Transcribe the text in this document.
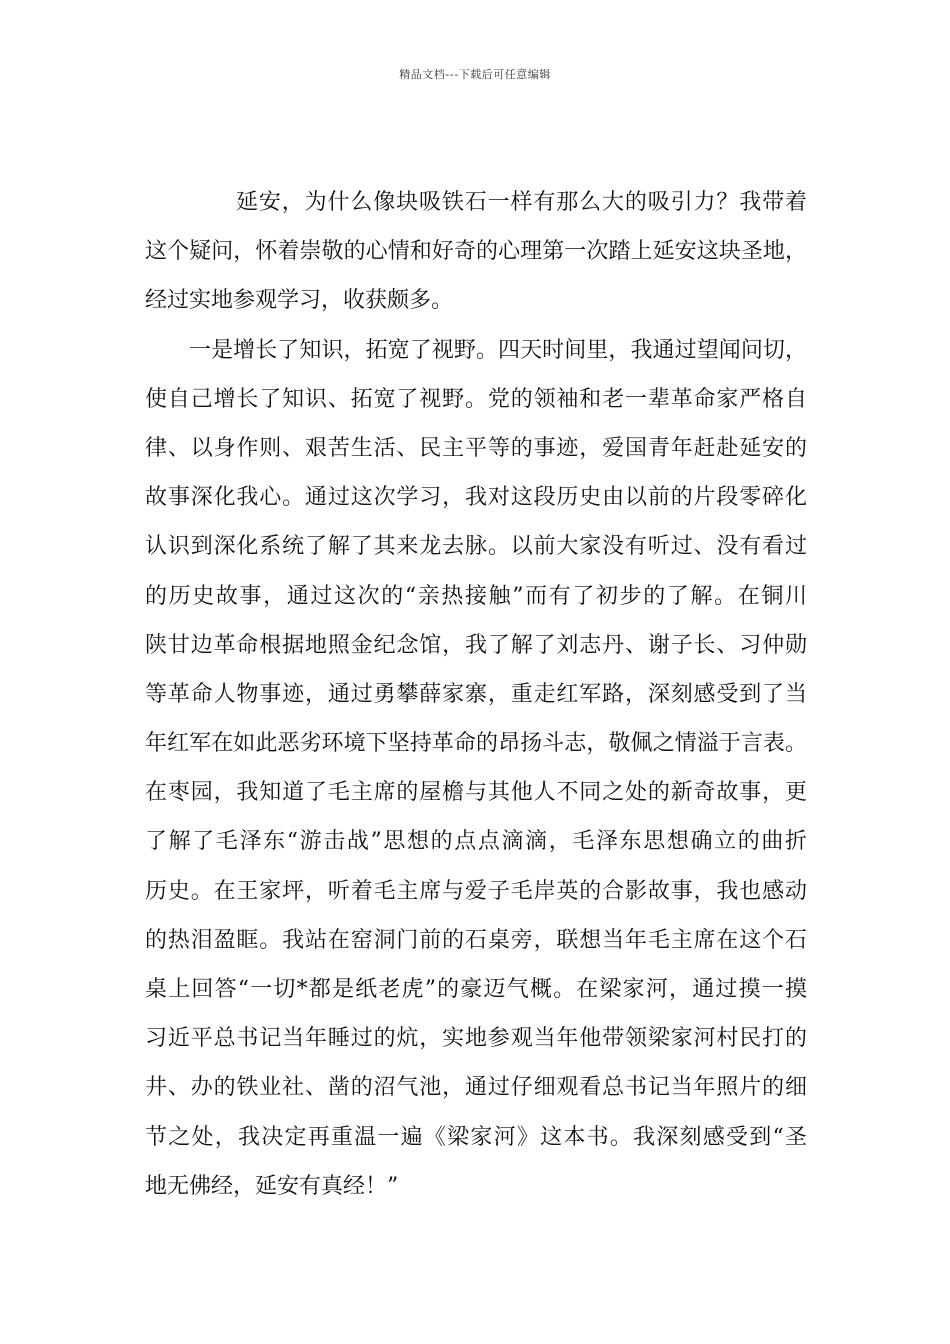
精品文档---下载后可任意编辑
延安，为什么像块吸铁石一样有那么大的吸引力？我带着
这个疑问，怀着崇敬的心情和好奇的心理第一次踏上延安这块圣地，
经过实地参观学习，收获颇多。
一是增长了知识，拓宽了视野。四天时间里，我通过望闻问切，
使自己增长了知识、拓宽了视野。党的领袖和老一辈革命家严格自
律、以身作则、艰苦生活、民主平等的事迹，爱国青年赶赴延安的
故事深化我心。通过这次学习，我对这段历史由以前的片段零碎化
认识到深化系统了解了其来龙去脉。以前大家没有听过、没有看过
的历史故事，通过这次的“亲热接触”而有了初步的了解。在铜川
陕甘边革命根据地照金纪念馆，我了解了刘志丹、谢子长、习仲勋
等革命人物事迹，通过勇攀薛家寨，重走红军路，深刻感受到了当
年红军在如此恶劣环境下坚持革命的昂扬斗志，敬佩之情溢于言表。
在枣园，我知道了毛主席的屋檐与其他人不同之处的新奇故事，更
了解了毛泽东“游击战”思想的点点滴滴，毛泽东思想确立的曲折
历史。在王家坪，听着毛主席与爱子毛岸英的合影故事，我也感动
的热泪盈眶。我站在窑洞门前的石桌旁，联想当年毛主席在这个石
桌上回答“一切*都是纸老虎”的豪迈气概。在梁家河，通过摸一摸
习近平总书记当年睡过的炕，实地参观当年他带领梁家河村民打的
井、办的铁业社、凿的沼气池，通过仔细观看总书记当年照片的细
节之处，我决定再重温一遍《梁家河》这本书。我深刻感受到“圣
地无佛经，延安有真经！”
